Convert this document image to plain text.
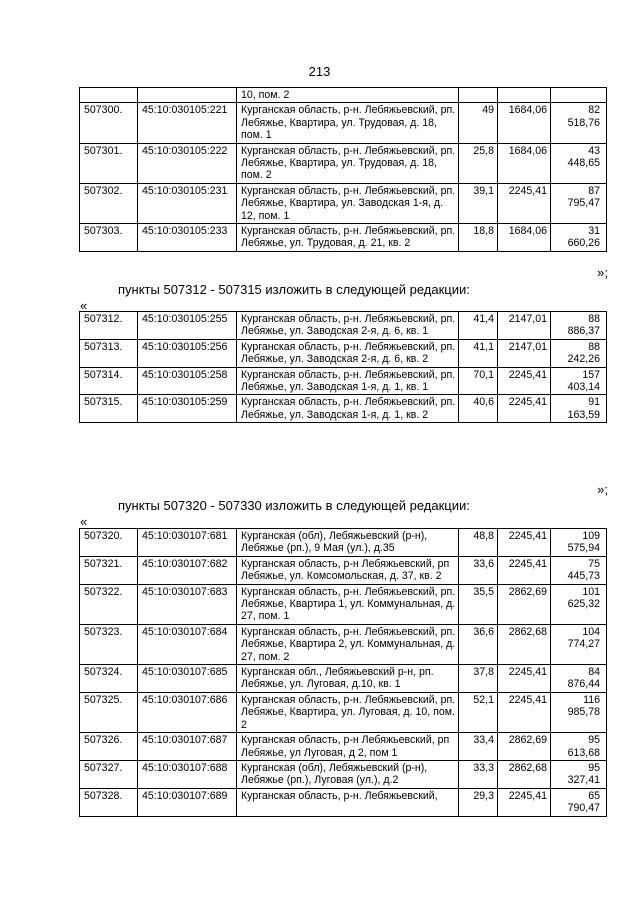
213
		10, пом. 2			
507300.	45:10:030105:221	Курганская область, р-н. Лебяжьевский, рп. Лебяжье, Квартира, ул. Трудовая, д. 18, пом. 1	49	1684,06	82 518,76
507301.	45:10:030105:222	Курганская область, р-н. Лебяжьевский, рп. Лебяжье, Квартира, ул. Трудовая, д. 18, пом. 2	25,8	1684,06	43 448,65
507302.	45:10:030105:231	Курганская область, р-н. Лебяжьевский, рп. Лебяжье, Квартира, ул. Заводская 1-я, д. 12, пом. 1	39,1	2245,41	87 795,47
507303.	45:10:030105:233	Курганская область, р-н. Лебяжьевский, рп. Лебяжье, ул. Трудовая, д. 21, кв. 2	18,8	1684,06	31 660,26
»;
пункты 507312 - 507315 изложить в следующей редакции:
«
507312.	45:10:030105:255	Курганская область, р-н. Лебяжьевский, рп. Лебяжье, ул. Заводская 2-я, д. 6, кв. 1	41,4	2147,01	88 886,37
507313.	45:10:030105:256	Курганская область, р-н. Лебяжьевский, рп. Лебяжье, ул. Заводская 2-я, д. 6, кв. 2	41,1	2147,01	88 242,26
507314.	45:10:030105:258	Курганская область, р-н. Лебяжьевский, рп. Лебяжье, ул. Заводская 1-я, д. 1, кв. 1	70,1	2245,41	157 403,14
507315.	45:10:030105:259	Курганская область, р-н. Лебяжьевский, рп. Лебяжье, ул. Заводская 1-я, д. 1, кв. 2	40,6	2245,41	91 163,59
»;
пункты 507320 - 507330 изложить в следующей редакции:
«
507320.	45:10:030107:681	Курганская (обл), Лебяжьевский (р-н), Лебяжье (рп.), 9 Мая (ул.), д.35	48,8	2245,41	109 575,94
507321.	45:10:030107:682	Курганская область, р-н Лебяжьевский, рп Лебяжье, ул. Комсомольская, д. 37, кв. 2	33,6	2245,41	75 445,73
507322.	45:10:030107:683	Курганская область, р-н. Лебяжьевский, рп. Лебяжье, Квартира 1, ул. Коммунальная, д. 27, пом. 1	35,5	2862,69	101 625,32
507323.	45:10:030107:684	Курганская область, р-н. Лебяжьевский, рп. Лебяжье, Квартира 2, ул. Коммунальная, д. 27, пом. 2	36,6	2862,68	104 774,27
507324.	45:10:030107:685	Курганская обл., Лебяжьевский р-н, рп. Лебяжье, ул. Луговая, д.10, кв. 1	37,8	2245,41	84 876,44
507325.	45:10:030107:686	Курганская область, р-н. Лебяжьевский, рп. Лебяжье, Квартира, ул. Луговая, д. 10, пом. 2	52,1	2245,41	116 985,78
507326.	45:10:030107:687	Курганская область, р-н Лебяжьевский, рп Лебяжье, ул Луговая, д 2, пом 1	33,4	2862,69	95 613,68
507327.	45:10:030107:688	Курганская (обл), Лебяжьевский (р-н), Лебяжье (рп.), Луговая (ул.), д.2	33,3	2862,68	95 327,41
507328.	45:10:030107:689	Курганская область, р-н. Лебяжьевский,	29,3	2245,41	65 790,47
